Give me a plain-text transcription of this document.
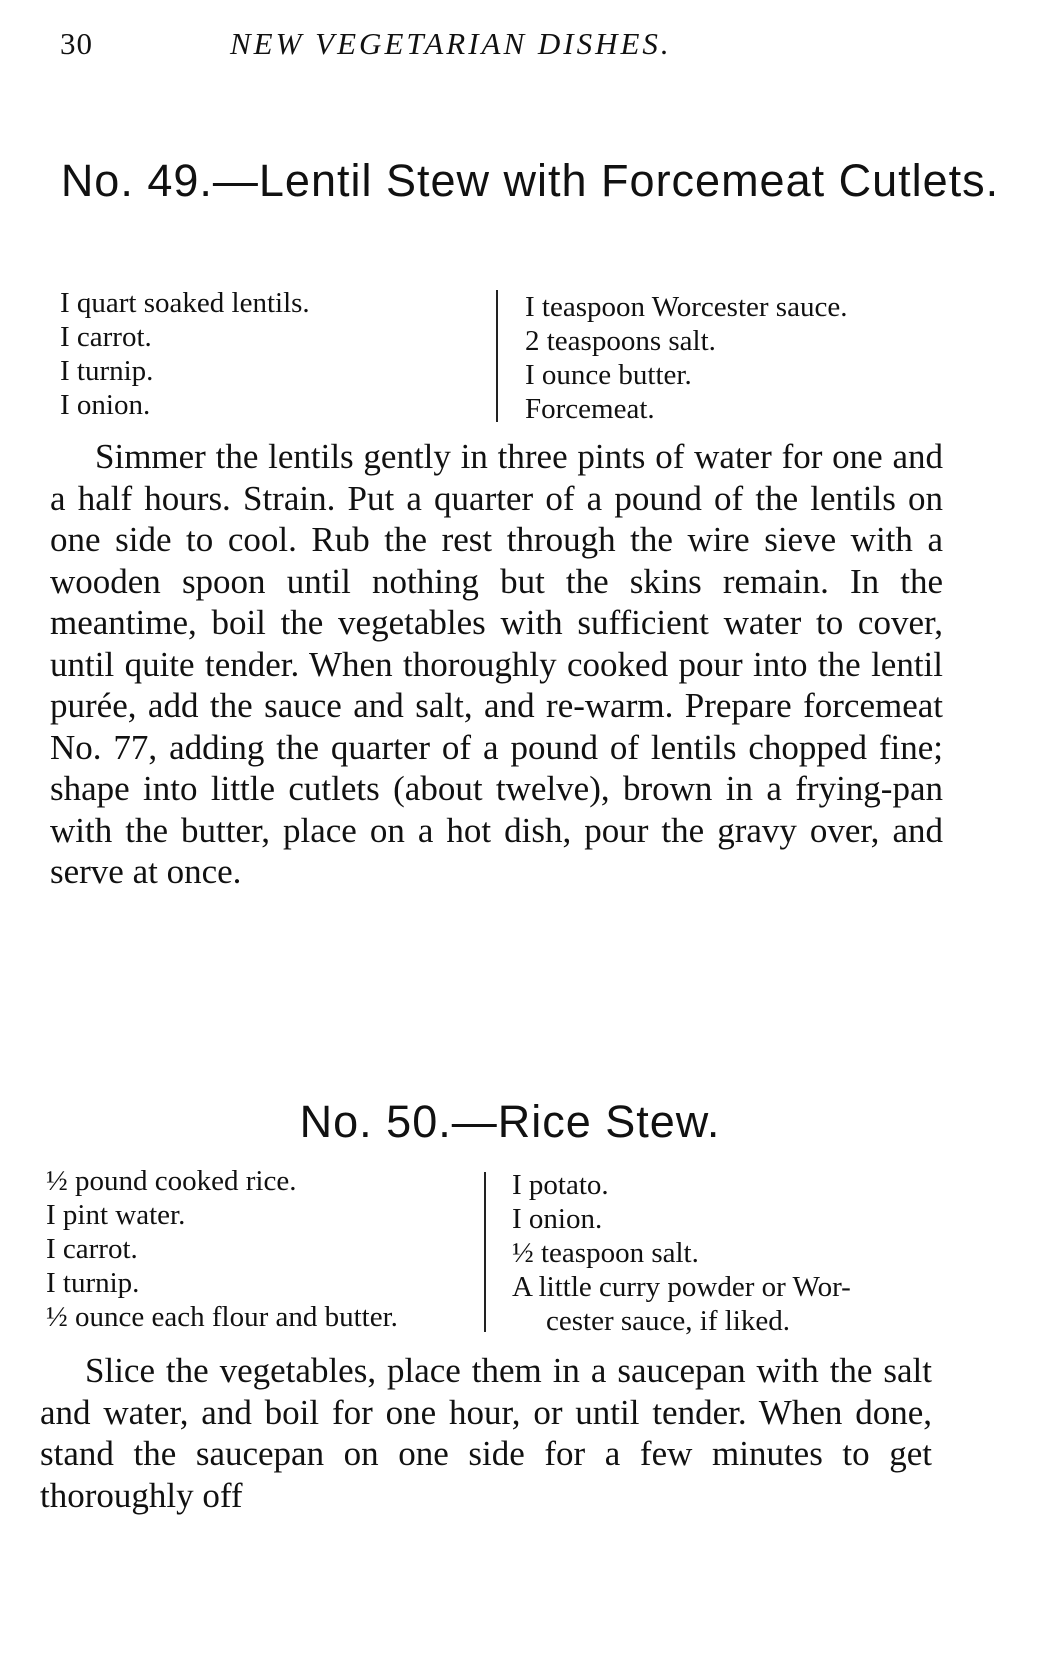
30	NEW VEGETARIAN DISHES.
No. 49.—Lentil Stew with Forcemeat Cutlets.
I quart soaked lentils.
I carrot.
I turnip.
I onion.
I teaspoon Worcester sauce.
2 teaspoons salt.
I ounce butter.
Forcemeat.

Simmer the lentils gently in three pints of water for one and a half hours. Strain. Put a quarter of a pound of the lentils on one side to cool. Rub the rest through the wire sieve with a wooden spoon until nothing but the skins remain. In the meantime, boil the vegetables with sufficient water to cover, until quite tender. When thoroughly cooked pour into the lentil purée, add the sauce and salt, and re-warm. Prepare forcemeat No. 77, adding the quarter of a pound of lentils chopped fine; shape into little cutlets (about twelve), brown in a frying-pan with the butter, place on a hot dish, pour the gravy over, and serve at once.

No. 50.—Rice Stew.
½ pound cooked rice.
I pint water.
I carrot.
I turnip.
½ ounce each flour and butter.
I potato.
I onion.
½ teaspoon salt.
A little curry powder or Wor-
cester sauce, if liked.

Slice the vegetables, place them in a saucepan with the salt and water, and boil for one hour, or until tender. When done, stand the saucepan on one side for a few minutes to get thoroughly off
